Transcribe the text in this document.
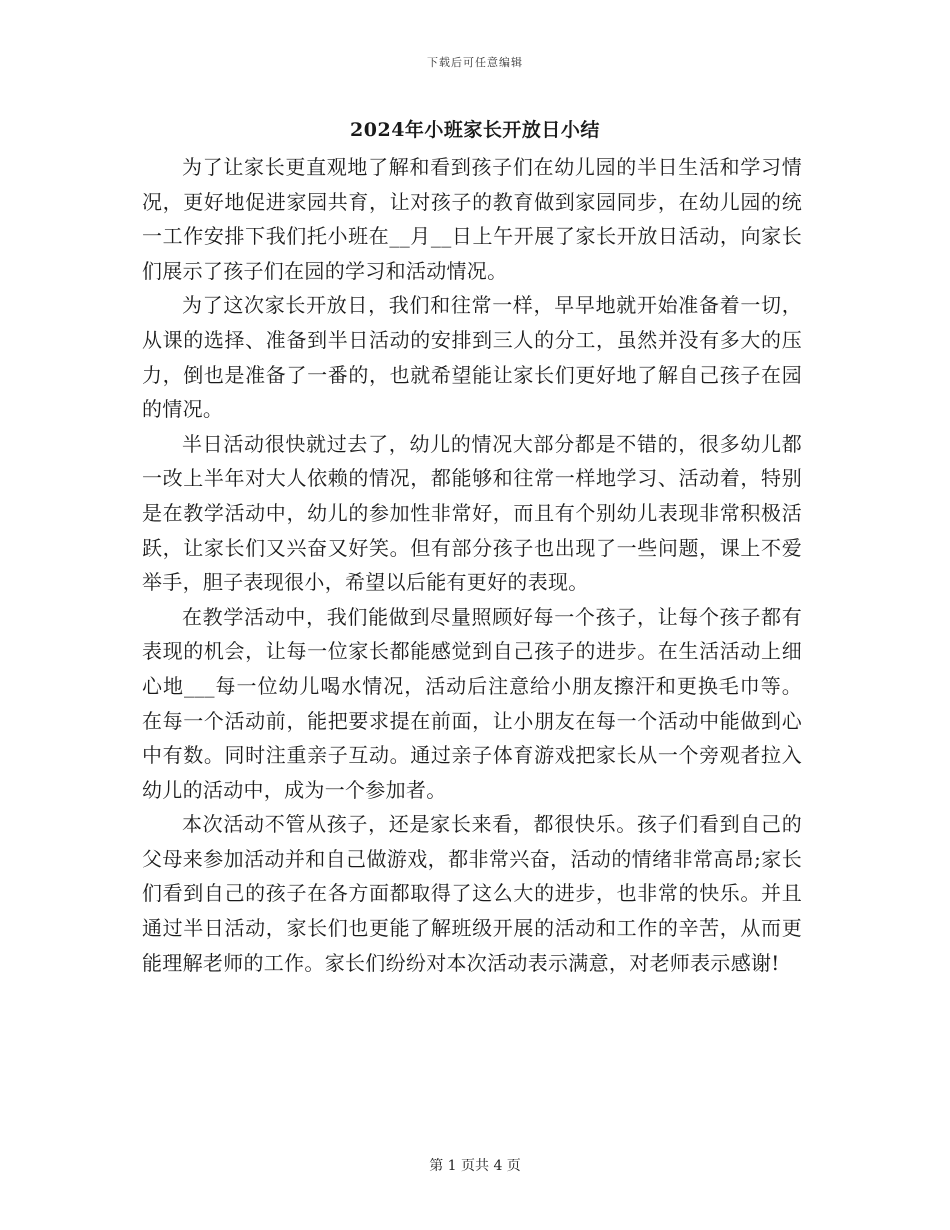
下载后可任意编辑
2024年小班家长开放日小结

为了让家长更直观地了解和看到孩子们在幼儿园的半日生活和学习情况，更好地促进家园共育，让对孩子的教育做到家园同步，在幼儿园的统一工作安排下我们托小班在__月__日上午开展了家长开放日活动，向家长们展示了孩子们在园的学习和活动情况。

为了这次家长开放日，我们和往常一样，早早地就开始准备着一切，从课的选择、准备到半日活动的安排到三人的分工，虽然并没有多大的压力，倒也是准备了一番的，也就希望能让家长们更好地了解自己孩子在园的情况。

半日活动很快就过去了，幼儿的情况大部分都是不错的，很多幼儿都一改上半年对大人依赖的情况，都能够和往常一样地学习、活动着，特别是在教学活动中，幼儿的参加性非常好，而且有个别幼儿表现非常积极活跃，让家长们又兴奋又好笑。但有部分孩子也出现了一些问题，课上不爱举手，胆子表现很小，希望以后能有更好的表现。

在教学活动中，我们能做到尽量照顾好每一个孩子，让每个孩子都有表现的机会，让每一位家长都能感觉到自己孩子的进步。在生活活动上细心地___每一位幼儿喝水情况，活动后注意给小朋友擦汗和更换毛巾等。在每一个活动前，能把要求提在前面，让小朋友在每一个活动中能做到心中有数。同时注重亲子互动。通过亲子体育游戏把家长从一个旁观者拉入幼儿的活动中，成为一个参加者。

本次活动不管从孩子，还是家长来看，都很快乐。孩子们看到自己的父母来参加活动并和自己做游戏，都非常兴奋，活动的情绪非常高昂;家长们看到自己的孩子在各方面都取得了这么大的进步，也非常的快乐。并且通过半日活动，家长们也更能了解班级开展的活动和工作的辛苦，从而更能理解老师的工作。家长们纷纷对本次活动表示满意，对老师表示感谢!

第 1 页共 4 页
